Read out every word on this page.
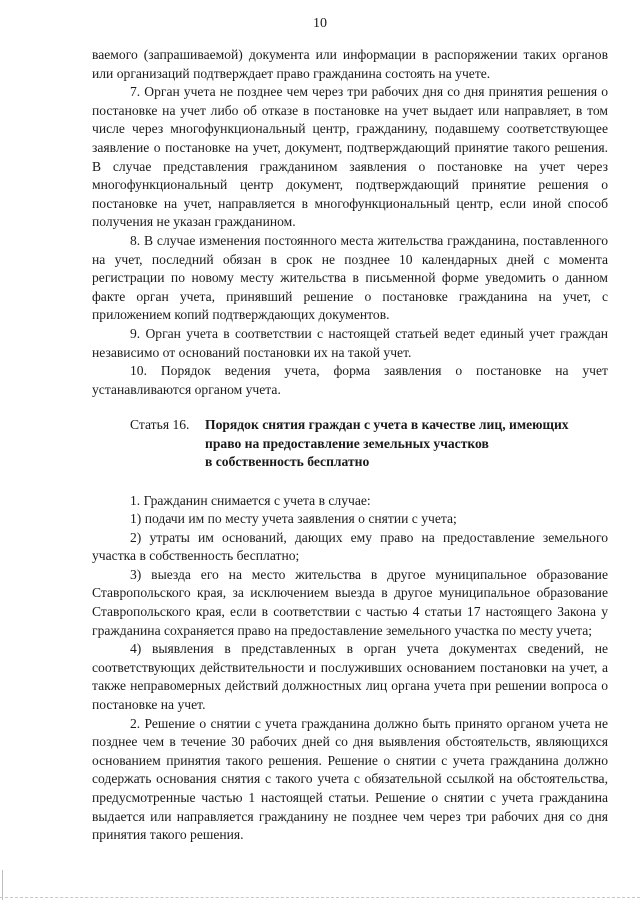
10

ваемого (запрашиваемой) документа или информации в распоряжении таких органов или организаций подтверждает право гражданина состоять на учете.

7. Орган учета не позднее чем через три рабочих дня со дня принятия решения о постановке на учет либо об отказе в постановке на учет выдает или направляет, в том числе через многофункциональный центр, гражданину, подавшему соответствующее заявление о постановке на учет, документ, подтверждающий принятие такого решения. В случае представления гражданином заявления о постановке на учет через многофункциональный центр документ, подтверждающий принятие решения о постановке на учет, направляется в многофункциональный центр, если иной способ получения не указан гражданином.

8. В случае изменения постоянного места жительства гражданина, поставленного на учет, последний обязан в срок не позднее 10 календарных дней с момента регистрации по новому месту жительства в письменной форме уведомить о данном факте орган учета, принявший решение о постановке гражданина на учет, с приложением копий подтверждающих документов.

9. Орган учета в соответствии с настоящей статьей ведет единый учет граждан независимо от оснований постановки их на такой учет.

10. Порядок ведения учета, форма заявления о постановке на учет устанавливаются органом учета.

Статья 16.	Порядок снятия граждан с учета в качестве лиц, имеющих
право на предоставление земельных участков
в собственность бесплатно

1. Гражданин снимается с учета в случае:

1) подачи им по месту учета заявления о снятии с учета;

2) утраты им оснований, дающих ему право на предоставление земельного участка в собственность бесплатно;

3) выезда его на место жительства в другое муниципальное образование Ставропольского края, за исключением выезда в другое муниципальное образование Ставропольского края, если в соответствии с частью 4 статьи 17 настоящего Закона у гражданина сохраняется право на предоставление земельного участка по месту учета;

4) выявления в представленных в орган учета документах сведений, не соответствующих действительности и послуживших основанием постановки на учет, а также неправомерных действий должностных лиц органа учета при решении вопроса о постановке на учет.

2. Решение о снятии с учета гражданина должно быть принято органом учета не позднее чем в течение 30 рабочих дней со дня выявления обстоятельств, являющихся основанием принятия такого решения. Решение о снятии с учета гражданина должно содержать основания снятия с такого учета с обязательной ссылкой на обстоятельства, предусмотренные частью 1 настоящей статьи. Решение о снятии с учета гражданина выдается или направляется гражданину не позднее чем через три рабочих дня со дня принятия такого решения.
